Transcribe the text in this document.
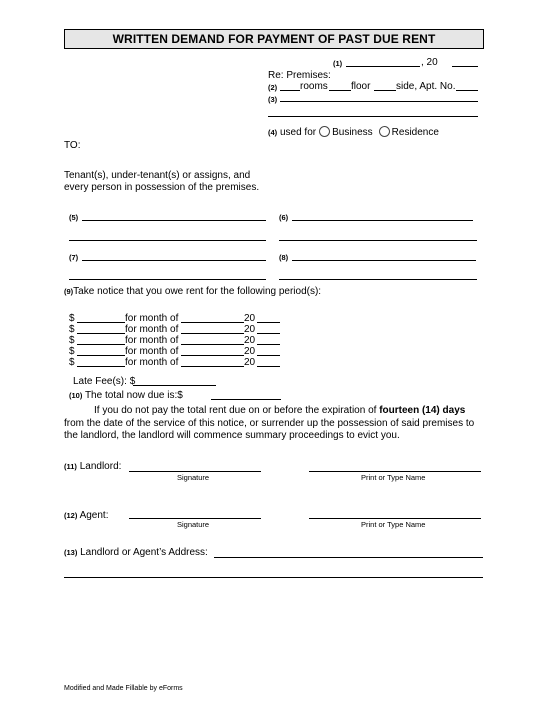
WRITTEN DEMAND FOR PAYMENT OF PAST DUE RENT
(1)	, 20
Re: Premises:
(2) rooms floor	side, Apt. No.
(3)
(4) used for Business Residence
TO:
Tenant(s), under-tenant(s) or assigns, and
every person in possession of the premises.
(5)	(6)
(7)	(8)
(9)Take notice that you owe rent for the following period(s):
$	for month of	20
$	for month of	20
$	for month of	20
$	for month of	20
$	for month of	20
Late Fee(s): $
(10) The total now due is:$
If you do not pay the total rent due on or before the expiration of fourteen (14) days from the date of the service of this notice, or surrender up the possession of said premises to the landlord, the landlord will commence summary proceedings to evict you.
(11) Landlord:
Signature	Print or Type Name
(12) Agent:
Signature	Print or Type Name
(13) Landlord or Agent’s Address:
Modified and Made Fillable by eForms
